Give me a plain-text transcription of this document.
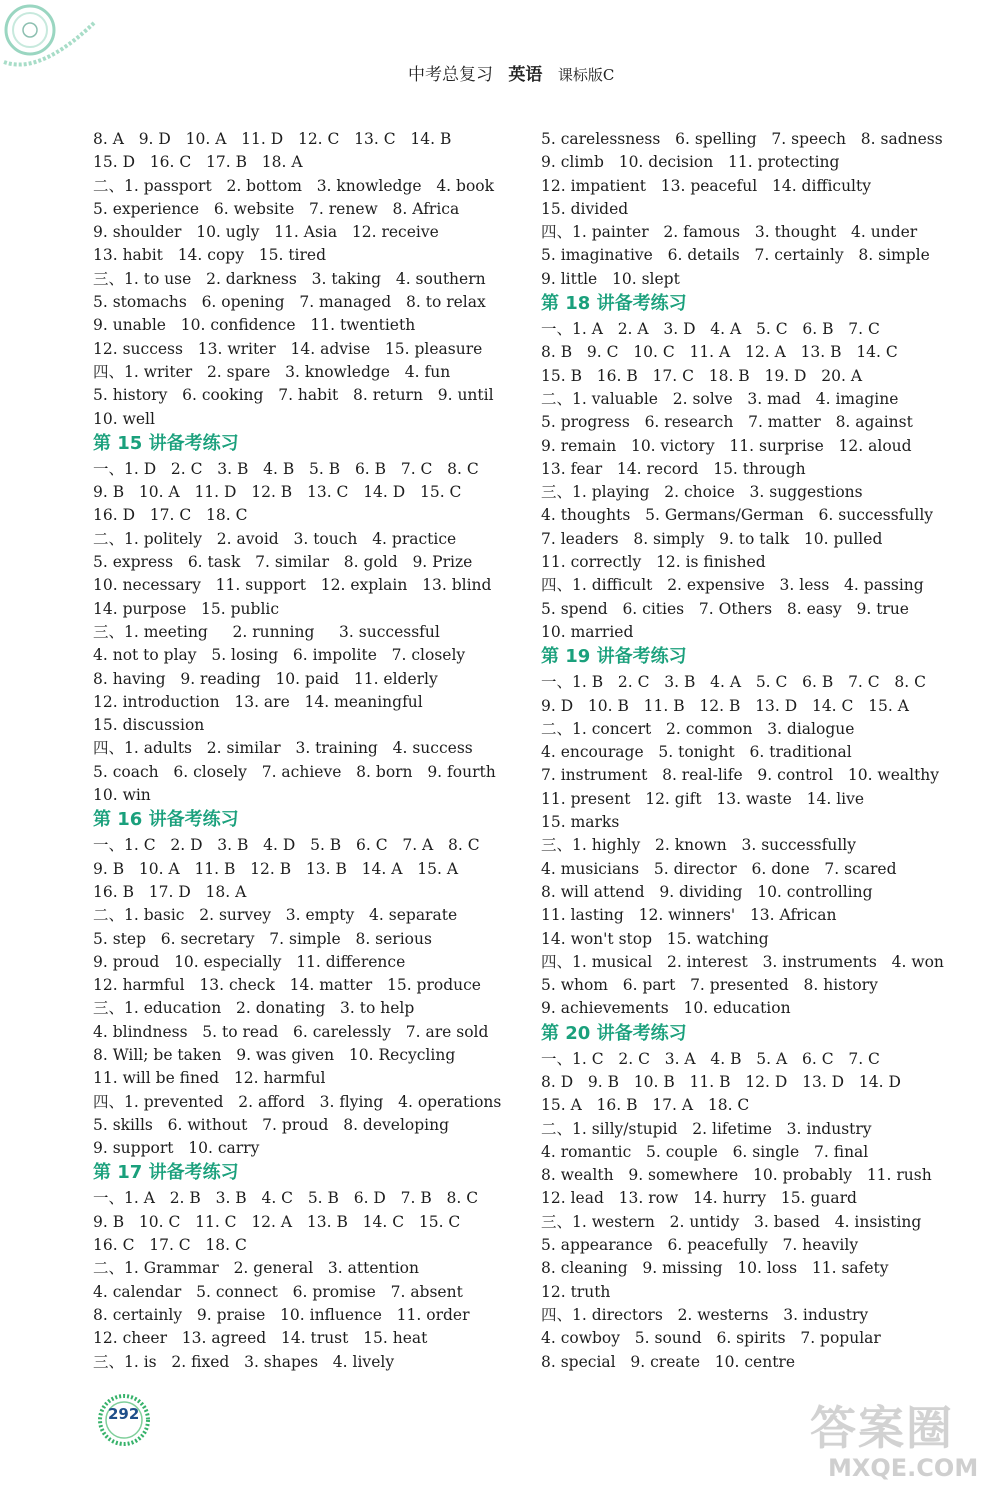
中考总复习 英语 课标版C
8. A   9. D   10. A   11. D   12. C   13. C   14. B
15. D   16. C   17. B   18. A
二、1. passport   2. bottom   3. knowledge   4. book
5. experience   6. website   7. renew   8. Africa
9. shoulder   10. ugly   11. Asia   12. receive
13. habit   14. copy   15. tired
三、1. to use   2. darkness   3. taking   4. southern
5. stomachs   6. opening   7. managed   8. to relax
9. unable   10. confidence   11. twentieth
12. success   13. writer   14. advise   15. pleasure
四、1. writer   2. spare   3. knowledge   4. fun
5. history   6. cooking   7. habit   8. return   9. until
10. well
第 15 讲备考练习
一、1. D   2. C   3. B   4. B   5. B   6. B   7. C   8. C
9. B   10. A   11. D   12. B   13. C   14. D   15. C
16. D   17. C   18. C
二、1. politely   2. avoid   3. touch   4. practice
5. express   6. task   7. similar   8. gold   9. Prize
10. necessary   11. support   12. explain   13. blind
14. purpose   15. public
三、1. meeting     2. running     3. successful
4. not to play   5. losing   6. impolite   7. closely
8. having   9. reading   10. paid   11. elderly
12. introduction   13. are   14. meaningful
15. discussion
四、1. adults   2. similar   3. training   4. success
5. coach   6. closely   7. achieve   8. born   9. fourth
10. win
第 16 讲备考练习
一、1. C   2. D   3. B   4. D   5. B   6. C   7. A   8. C
9. B   10. A   11. B   12. B   13. B   14. A   15. A
16. B   17. D   18. A
二、1. basic   2. survey   3. empty   4. separate
5. step   6. secretary   7. simple   8. serious
9. proud   10. especially   11. difference
12. harmful   13. check   14. matter   15. produce
三、1. education   2. donating   3. to help
4. blindness   5. to read   6. carelessly   7. are sold
8. Will; be taken   9. was given   10. Recycling
11. will be fined   12. harmful
四、1. prevented   2. afford   3. flying   4. operations
5. skills   6. without   7. proud   8. developing
9. support   10. carry
第 17 讲备考练习
一、1. A   2. B   3. B   4. C   5. B   6. D   7. B   8. C
9. B   10. C   11. C   12. A   13. B   14. C   15. C
16. C   17. C   18. C
二、1. Grammar   2. general   3. attention
4. calendar   5. connect   6. promise   7. absent
8. certainly   9. praise   10. influence   11. order
12. cheer   13. agreed   14. trust   15. heat
三、1. is   2. fixed   3. shapes   4. lively
5. carelessness   6. spelling   7. speech   8. sadness
9. climb   10. decision   11. protecting
12. impatient   13. peaceful   14. difficulty
15. divided
四、1. painter   2. famous   3. thought   4. under
5. imaginative   6. details   7. certainly   8. simple
9. little   10. slept
第 18 讲备考练习
一、1. A   2. A   3. D   4. A   5. C   6. B   7. C
8. B   9. C   10. C   11. A   12. A   13. B   14. C
15. B   16. B   17. C   18. B   19. D   20. A
二、1. valuable   2. solve   3. mad   4. imagine
5. progress   6. research   7. matter   8. against
9. remain   10. victory   11. surprise   12. aloud
13. fear   14. record   15. through
三、1. playing   2. choice   3. suggestions
4. thoughts   5. Germans/German   6. successfully
7. leaders   8. simply   9. to talk   10. pulled
11. correctly   12. is finished
四、1. difficult   2. expensive   3. less   4. passing
5. spend   6. cities   7. Others   8. easy   9. true
10. married
第 19 讲备考练习
一、1. B   2. C   3. B   4. A   5. C   6. B   7. C   8. C
9. D   10. B   11. B   12. B   13. D   14. C   15. A
二、1. concert   2. common   3. dialogue
4. encourage   5. tonight   6. traditional
7. instrument   8. real-life   9. control   10. wealthy
11. present   12. gift   13. waste   14. live
15. marks
三、1. highly   2. known   3. successfully
4. musicians   5. director   6. done   7. scared
8. will attend   9. dividing   10. controlling
11. lasting   12. winners'   13. African
14. won't stop   15. watching
四、1. musical   2. interest   3. instruments   4. won
5. whom   6. part   7. presented   8. history
9. achievements   10. education
第 20 讲备考练习
一、1. C   2. C   3. A   4. B   5. A   6. C   7. C
8. D   9. B   10. B   11. B   12. D   13. D   14. D
15. A   16. B   17. A   18. C
二、1. silly/stupid   2. lifetime   3. industry
4. romantic   5. couple   6. single   7. final
8. wealth   9. somewhere   10. probably   11. rush
12. lead   13. row   14. hurry   15. guard
三、1. western   2. untidy   3. based   4. insisting
5. appearance   6. peacefully   7. heavily
8. cleaning   9. missing   10. loss   11. safety
12. truth
四、1. directors   2. westerns   3. industry
4. cowboy   5. sound   6. spirits   7. popular
8. special   9. create   10. centre
292	答案圈
MXQE.COM
